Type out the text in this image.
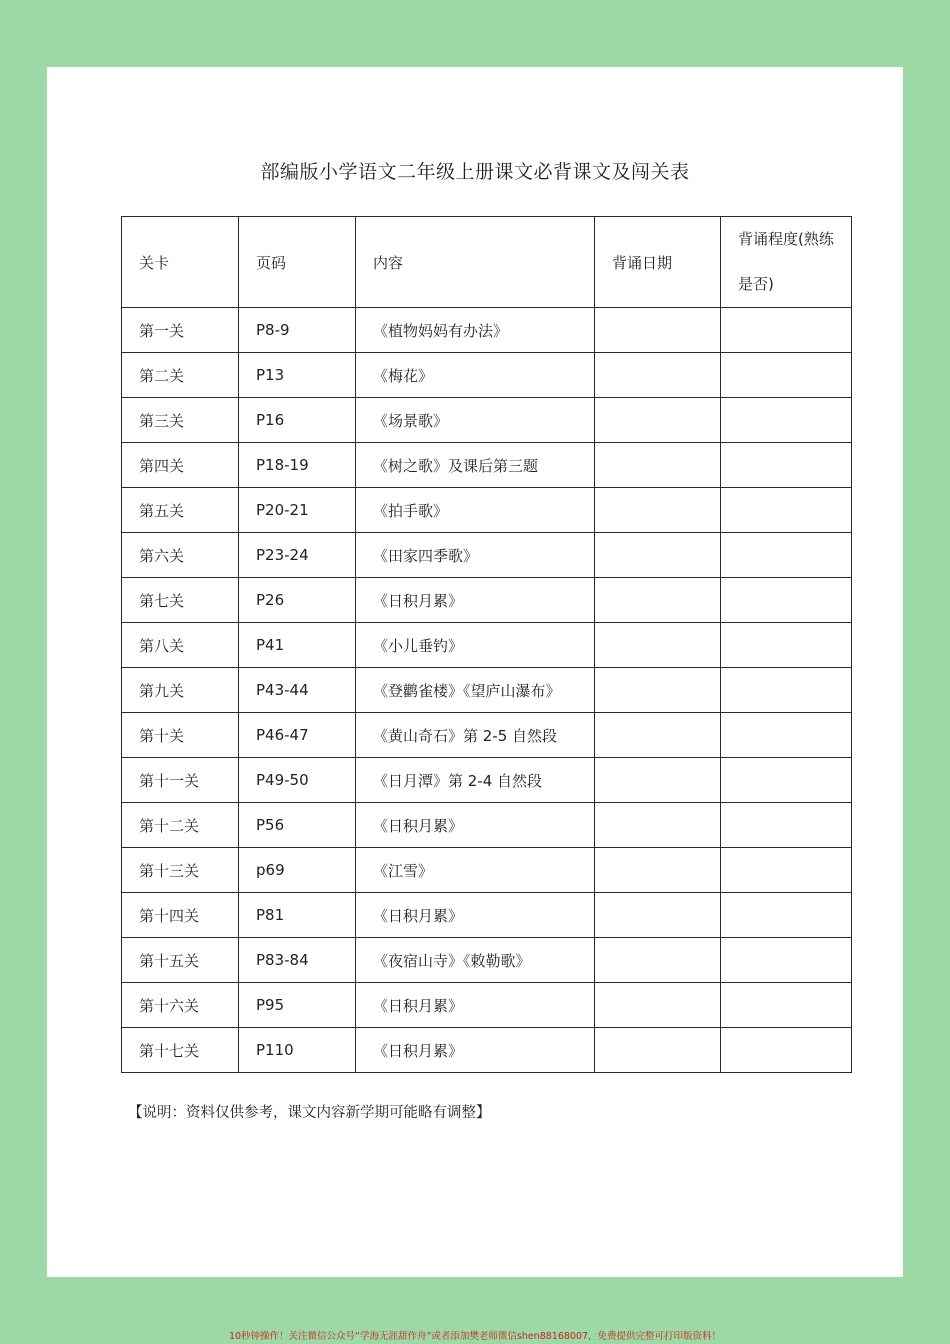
部编版小学语文二年级上册课文必背课文及闯关表
关卡	页码	内容	背诵日期	背诵程度(熟练是否)
第一关	P8-9	《植物妈妈有办法》		
第二关	P13	《梅花》		
第三关	P16	《场景歌》		
第四关	P18-19	《树之歌》及课后第三题		
第五关	P20-21	《拍手歌》		
第六关	P23-24	《田家四季歌》		
第七关	P26	《日积月累》		
第八关	P41	《小儿垂钓》		
第九关	P43-44	《登鹳雀楼》《望庐山瀑布》		
第十关	P46-47	《黄山奇石》第 2-5 自然段		
第十一关	P49-50	《日月潭》第 2-4 自然段		
第十二关	P56	《日积月累》		
第十三关	p69	《江雪》		
第十四关	P81	《日积月累》		
第十五关	P83-84	《夜宿山寺》《敕勒歌》		
第十六关	P95	《日积月累》		
第十七关	P110	《日积月累》		
【说明：资料仅供参考，课文内容新学期可能略有调整】
10秒钟操作！关注微信公众号“学海无涯甜作舟”或者添加樊老师微信shen88168007，免费提供完整可打印版资料！
